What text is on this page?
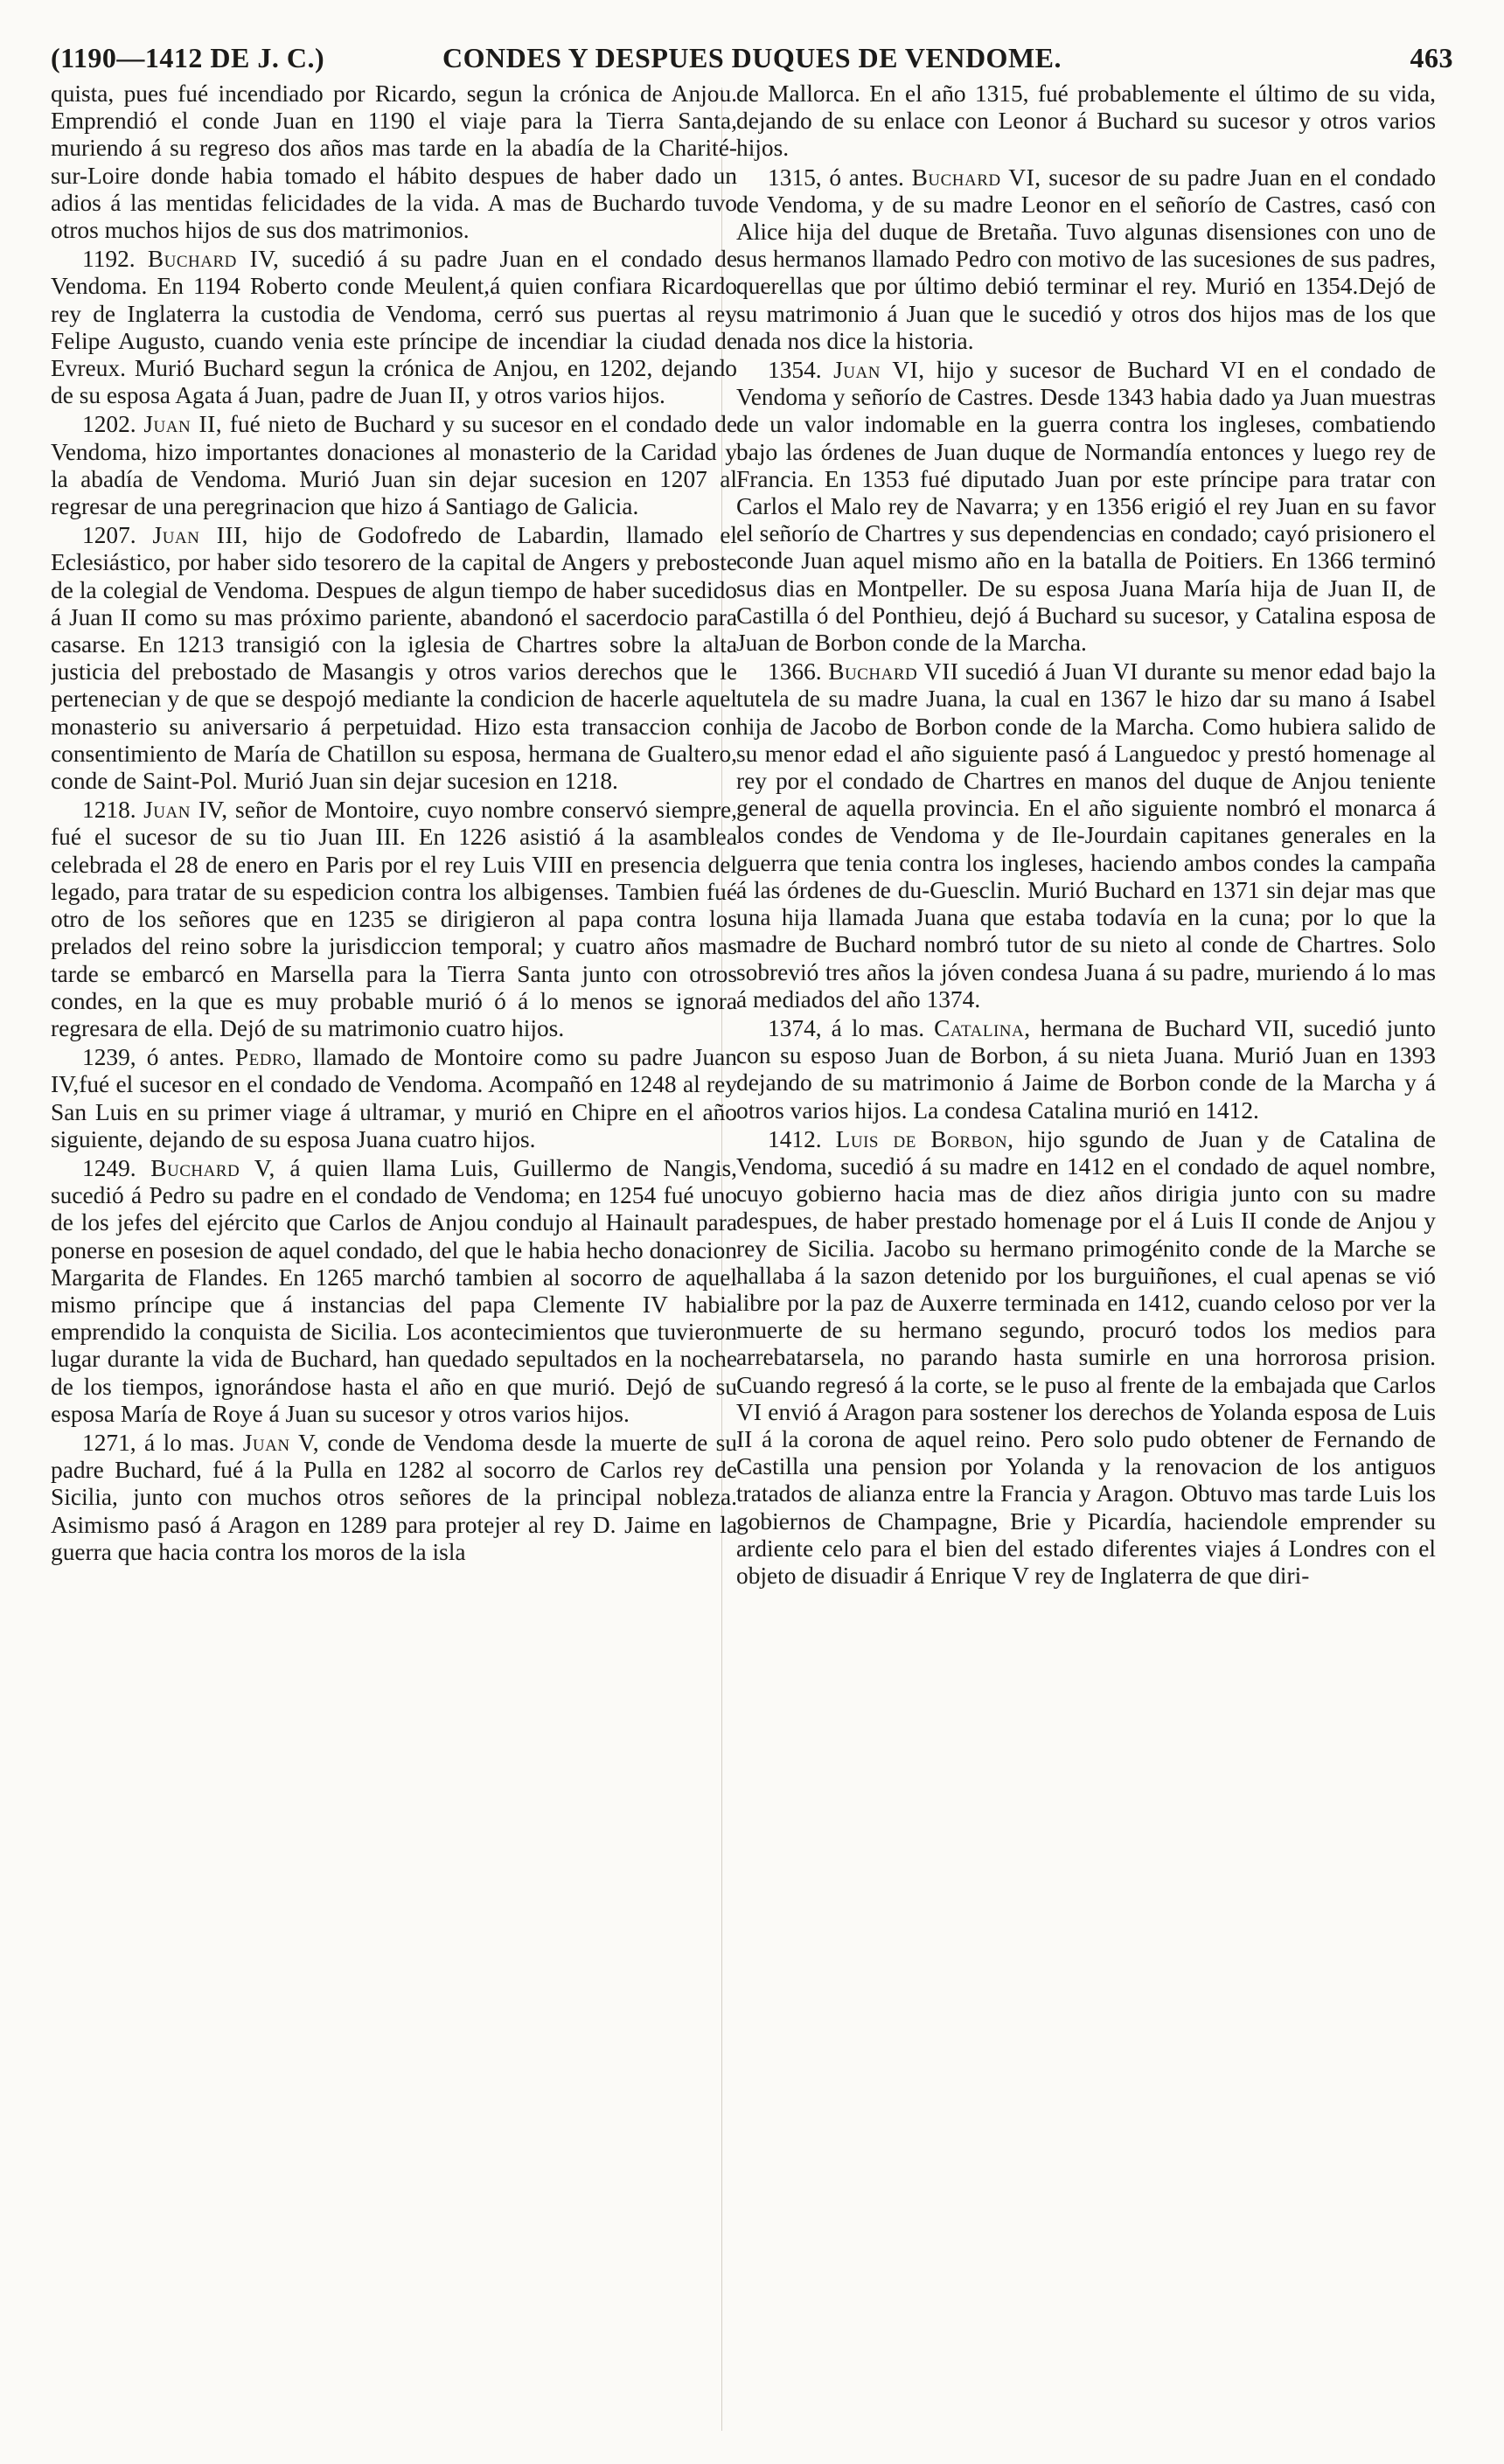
(1190—1412 DE J. C.)	CONDES Y DESPUES DUQUES DE VENDOME.	463

quista, pues fué incendiado por Ricardo, segun la crónica de Anjou. Emprendió el conde Juan en 1190 el viaje para la Tierra Santa, muriendo á su regreso dos años mas tarde en la abadía de la Charité-sur-Loire donde habia tomado el hábito despues de haber dado un adios á las mentidas felicidades de la vida. A mas de Buchardo tuvo otros muchos hijos de sus dos matrimonios.

1192. Buchard IV, sucedió á su padre Juan en el condado de Vendoma. En 1194 Roberto conde Meulent,á quien confiara Ricardo rey de Inglaterra la custodia de Vendoma, cerró sus puertas al rey Felipe Augusto, cuando venia este príncipe de incendiar la ciudad de Evreux. Murió Buchard segun la crónica de Anjou, en 1202, dejando de su esposa Agata á Juan, padre de Juan II, y otros varios hijos.

1202. Juan II, fué nieto de Buchard y su sucesor en el condado de Vendoma, hizo importantes donaciones al monasterio de la Caridad y la abadía de Vendoma. Murió Juan sin dejar sucesion en 1207 al regresar de una peregrinacion que hizo á Santiago de Galicia.

1207. Juan III, hijo de Godofredo de Labardin, llamado el Eclesiástico, por haber sido tesorero de la capital de Angers y preboste de la colegial de Vendoma. Despues de algun tiempo de haber sucedido á Juan II como su mas próximo pariente, abandonó el sacerdocio para casarse. En 1213 transigió con la iglesia de Chartres sobre la alta justicia del prebostado de Masangis y otros varios derechos que le pertenecian y de que se despojó mediante la condicion de hacerle aquel monasterio su aniversario á perpetuidad. Hizo esta transaccion con consentimiento de María de Chatillon su esposa, hermana de Gualtero, conde de Saint-Pol. Murió Juan sin dejar sucesion en 1218.

1218. Juan IV, señor de Montoire, cuyo nombre conservó siempre, fué el sucesor de su tio Juan III. En 1226 asistió á la asamblea celebrada el 28 de enero en Paris por el rey Luis VIII en presencia del legado, para tratar de su espedicion contra los albigenses. Tambien fué otro de los señores que en 1235 se dirigieron al papa contra los prelados del reino sobre la jurisdiccion temporal; y cuatro años mas tarde se embarcó en Marsella para la Tierra Santa junto con otros condes, en la que es muy probable murió ó á lo menos se ignora regresara de ella. Dejó de su matrimonio cuatro hijos.

1239, ó antes. Pedro, llamado de Montoire como su padre Juan IV,fué el sucesor en el condado de Vendoma. Acompañó en 1248 al rey San Luis en su primer viage á ultramar, y murió en Chipre en el año siguiente, dejando de su esposa Juana cuatro hijos.

1249. Buchard V, á quien llama Luis, Guillermo de Nangis, sucedió á Pedro su padre en el condado de Vendoma; en 1254 fué uno de los jefes del ejército que Carlos de Anjou condujo al Hainault para ponerse en posesion de aquel condado, del que le habia hecho donacion Margarita de Flandes. En 1265 marchó tambien al socorro de aquel mismo príncipe que á instancias del papa Clemente IV habia emprendido la conquista de Sicilia. Los acontecimientos que tuvieron lugar durante la vida de Buchard, han quedado sepultados en la noche de los tiempos, ignorándose hasta el año en que murió. Dejó de su esposa María de Roye á Juan su sucesor y otros varios hijos.

1271, á lo mas. Juan V, conde de Vendoma desde la muerte de su padre Buchard, fué á la Pulla en 1282 al socorro de Carlos rey de Sicilia, junto con muchos otros señores de la principal nobleza. Asimismo pasó á Aragon en 1289 para protejer al rey D. Jaime en la guerra que hacia contra los moros de la isla

de Mallorca. En el año 1315, fué probablemente el último de su vida, dejando de su enlace con Leonor á Buchard su sucesor y otros varios hijos.

1315, ó antes. Buchard VI, sucesor de su padre Juan en el condado de Vendoma, y de su madre Leonor en el señorío de Castres, casó con Alice hija del duque de Bretaña. Tuvo algunas disensiones con uno de sus hermanos llamado Pedro con motivo de las sucesiones de sus padres, querellas que por último debió terminar el rey. Murió en 1354.Dejó de su matrimonio á Juan que le sucedió y otros dos hijos mas de los que nada nos dice la historia.

1354. Juan VI, hijo y sucesor de Buchard VI en el condado de Vendoma y señorío de Castres. Desde 1343 habia dado ya Juan muestras de un valor indomable en la guerra contra los ingleses, combatiendo bajo las órdenes de Juan duque de Normandía entonces y luego rey de Francia. En 1353 fué diputado Juan por este príncipe para tratar con Carlos el Malo rey de Navarra; y en 1356 erigió el rey Juan en su favor el señorío de Chartres y sus dependencias en condado; cayó prisionero el conde Juan aquel mismo año en la batalla de Poitiers. En 1366 terminó sus dias en Montpeller. De su esposa Juana María hija de Juan II, de Castilla ó del Ponthieu, dejó á Buchard su sucesor, y Catalina esposa de Juan de Borbon conde de la Marcha.

1366. Buchard VII sucedió á Juan VI durante su menor edad bajo la tutela de su madre Juana, la cual en 1367 le hizo dar su mano á Isabel hija de Jacobo de Borbon conde de la Marcha. Como hubiera salido de su menor edad el año siguiente pasó á Languedoc y prestó homenage al rey por el condado de Chartres en manos del duque de Anjou teniente general de aquella provincia. En el año siguiente nombró el monarca á los condes de Vendoma y de Ile-Jourdain capitanes generales en la guerra que tenia contra los ingleses, haciendo ambos condes la campaña á las órdenes de du-Guesclin. Murió Buchard en 1371 sin dejar mas que una hija llamada Juana que estaba todavía en la cuna; por lo que la madre de Buchard nombró tutor de su nieto al conde de Chartres. Solo sobrevió tres años la jóven condesa Juana á su padre, muriendo á lo mas á mediados del año 1374.

1374, á lo mas. Catalina, hermana de Buchard VII, sucedió junto con su esposo Juan de Borbon, á su nieta Juana. Murió Juan en 1393 dejando de su matrimonio á Jaime de Borbon conde de la Marcha y á otros varios hijos. La condesa Catalina murió en 1412.

1412. Luis de Borbon, hijo sgundo de Juan y de Catalina de Vendoma, sucedió á su madre en 1412 en el condado de aquel nombre, cuyo gobierno hacia mas de diez años dirigia junto con su madre despues, de haber prestado homenage por el á Luis II conde de Anjou y rey de Sicilia. Jacobo su hermano primogénito conde de la Marche se hallaba á la sazon detenido por los burguiñones, el cual apenas se vió libre por la paz de Auxerre terminada en 1412, cuando celoso por ver la muerte de su hermano segundo, procuró todos los medios para arrebatarsela, no parando hasta sumirle en una horrorosa prision. Cuando regresó á la corte, se le puso al frente de la embajada que Carlos VI envió á Aragon para sostener los derechos de Yolanda esposa de Luis II á la corona de aquel reino. Pero solo pudo obtener de Fernando de Castilla una pension por Yolanda y la renovacion de los antiguos tratados de alianza entre la Francia y Aragon. Obtuvo mas tarde Luis los gobiernos de Champagne, Brie y Picardía, haciendole emprender su ardiente celo para el bien del estado diferentes viajes á Londres con el objeto de disuadir á Enrique V rey de Inglaterra de que diri-
